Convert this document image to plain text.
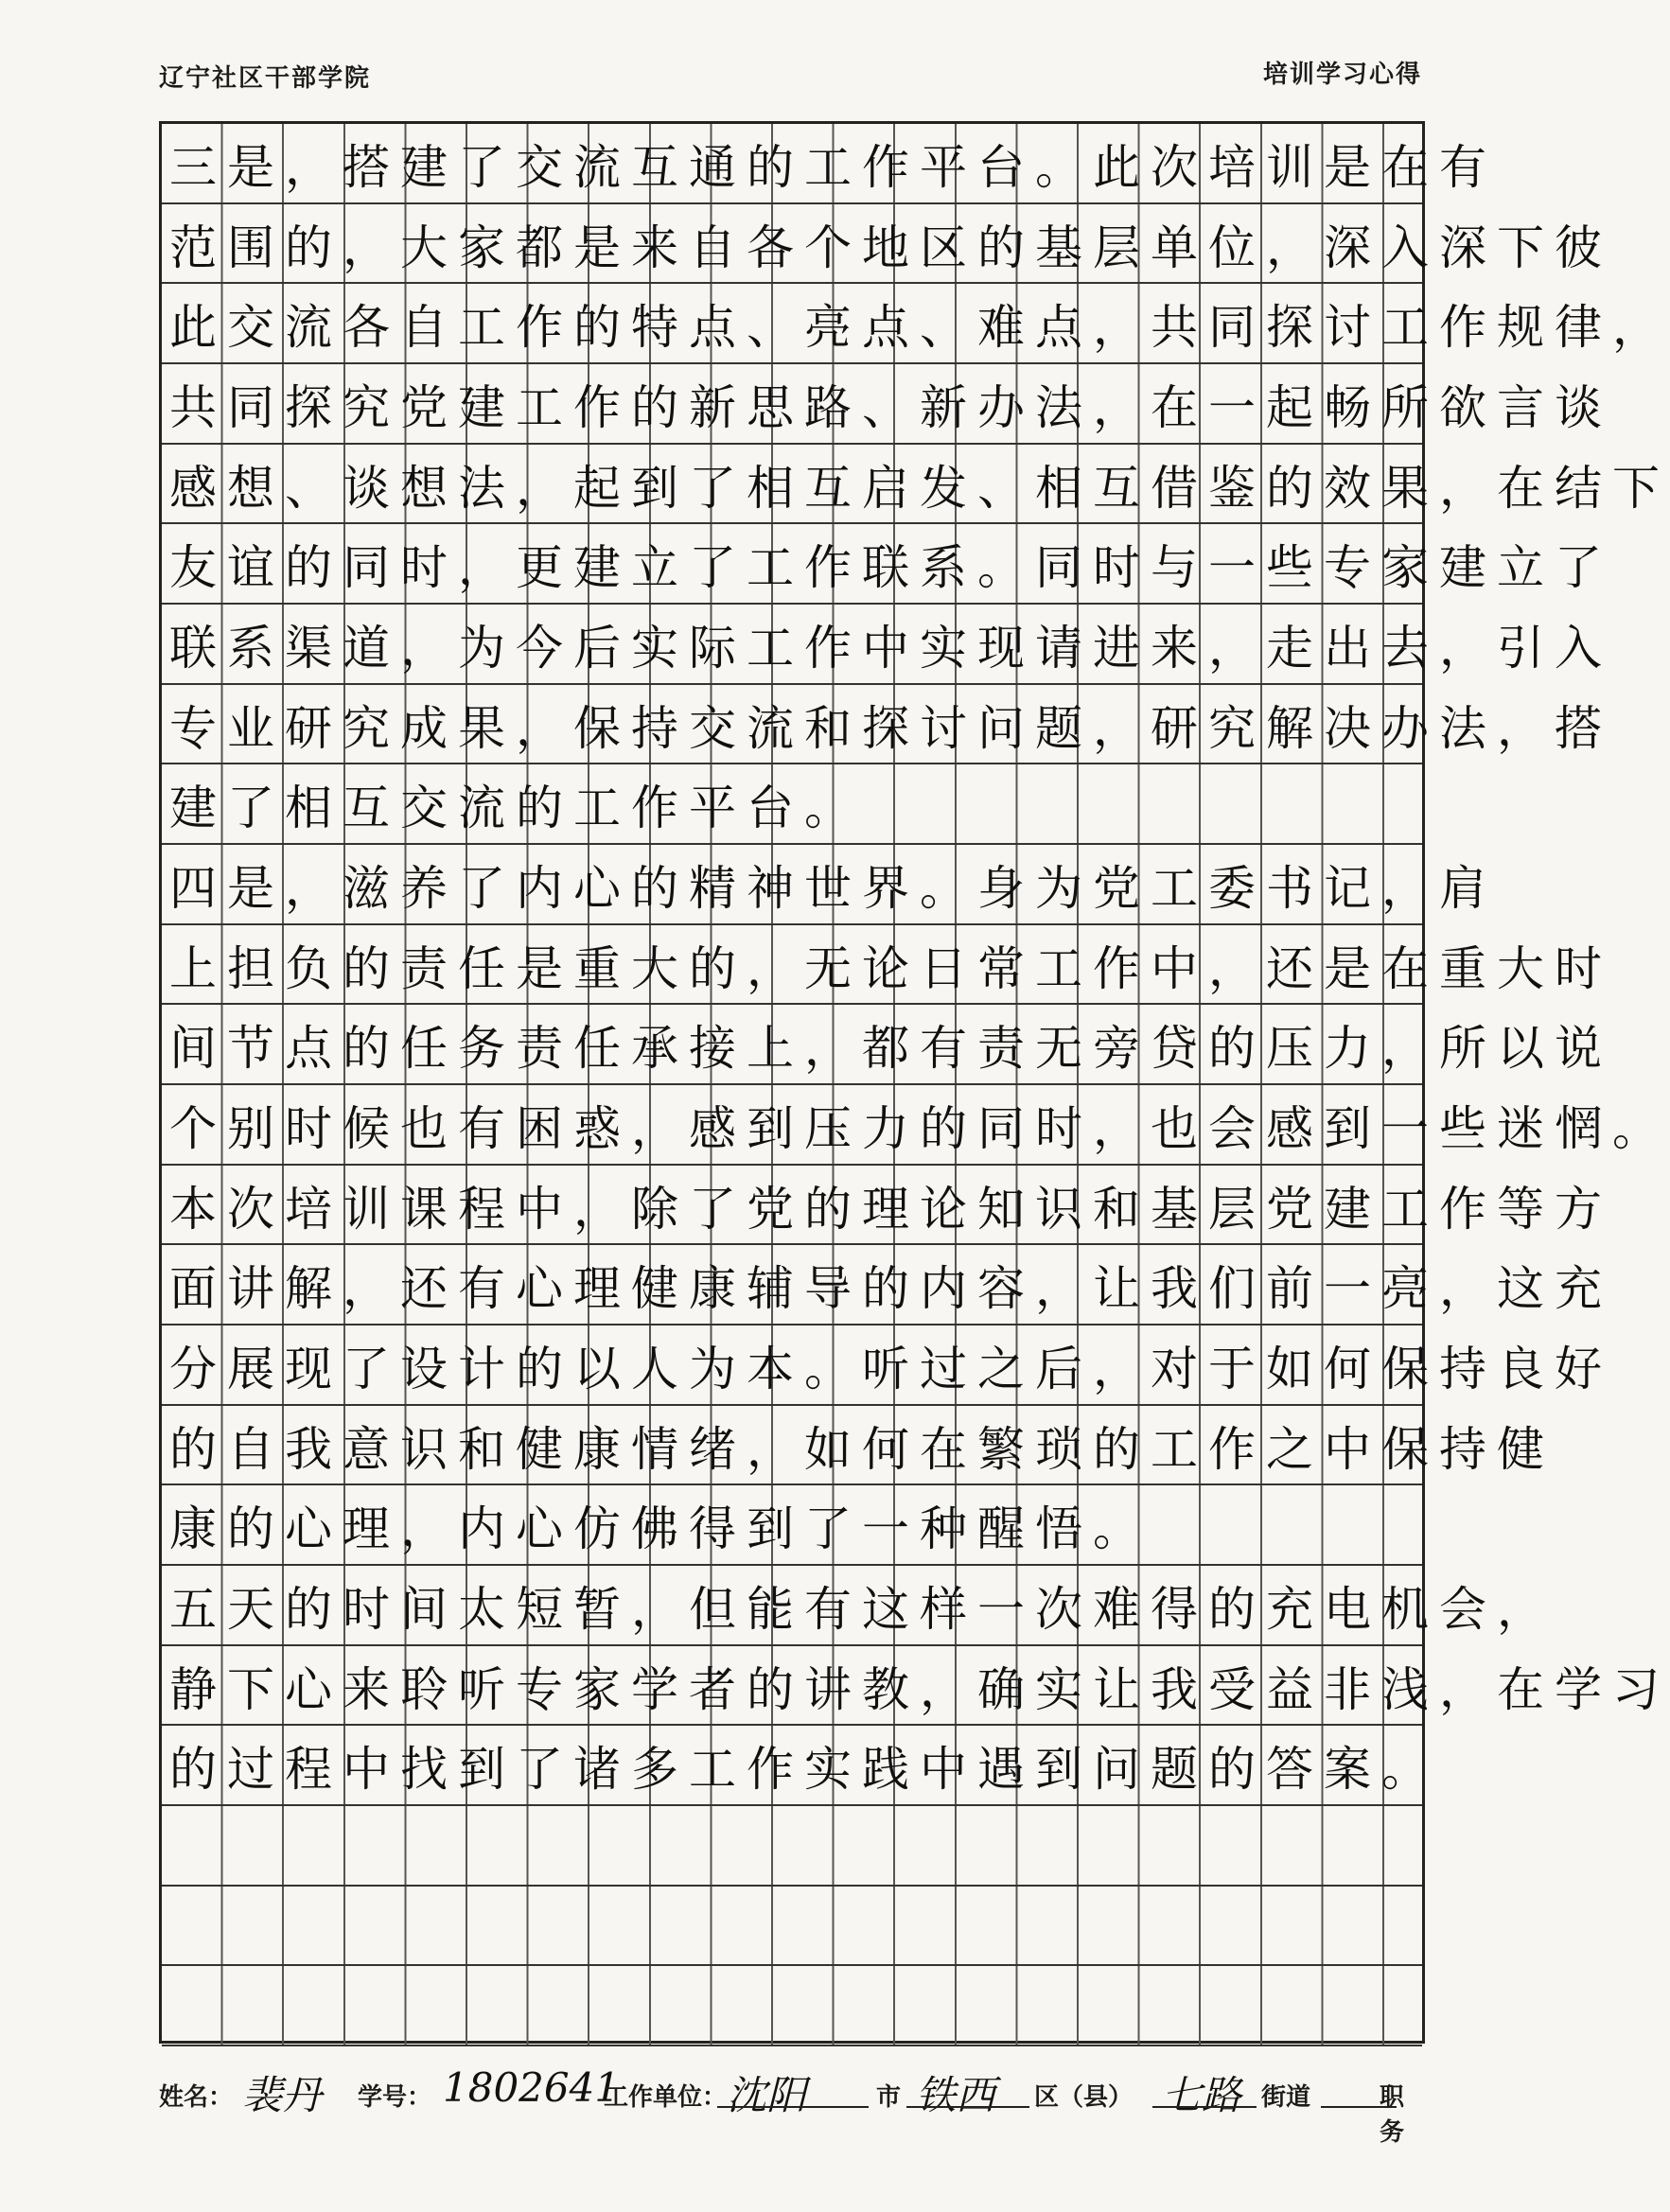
辽宁社区干部学院	培训学习心得
三是，搭建了交流互通的工作平台。此次培训是在有
范围的，大家都是来自各个地区的基层单位，深入深下彼
此交流各自工作的特点、亮点、难点，共同探讨工作规律，
共同探究党建工作的新思路、新办法，在一起畅所欲言谈
感想、谈想法，起到了相互启发、相互借鉴的效果，在结下
友谊的同时，更建立了工作联系。同时与一些专家建立了
联系渠道，为今后实际工作中实现请进来，走出去，引入
专业研究成果，保持交流和探讨问题，研究解决办法，搭
建了相互交流的工作平台。
四是，滋养了内心的精神世界。身为党工委书记，肩
上担负的责任是重大的，无论日常工作中，还是在重大时
间节点的任务责任承接上，都有责无旁贷的压力，所以说
个别时候也有困惑，感到压力的同时，也会感到一些迷惘。
本次培训课程中，除了党的理论知识和基层党建工作等方
面讲解，还有心理健康辅导的内容，让我们前一亮，这充
分展现了设计的以人为本。听过之后，对于如何保持良好
的自我意识和健康情绪，如何在繁琐的工作之中保持健
康的心理，内心仿佛得到了一种醒悟。
五天的时间太短暂，但能有这样一次难得的充电机会，
静下心来聆听专家学者的讲教，确实让我受益非浅，在学习
的过程中找到了诸多工作实践中遇到问题的答案。
姓名： 裴丹 学号： 1802641
工作单位： 沈阳	市 铁西 区（县） 七路 街道	职务
